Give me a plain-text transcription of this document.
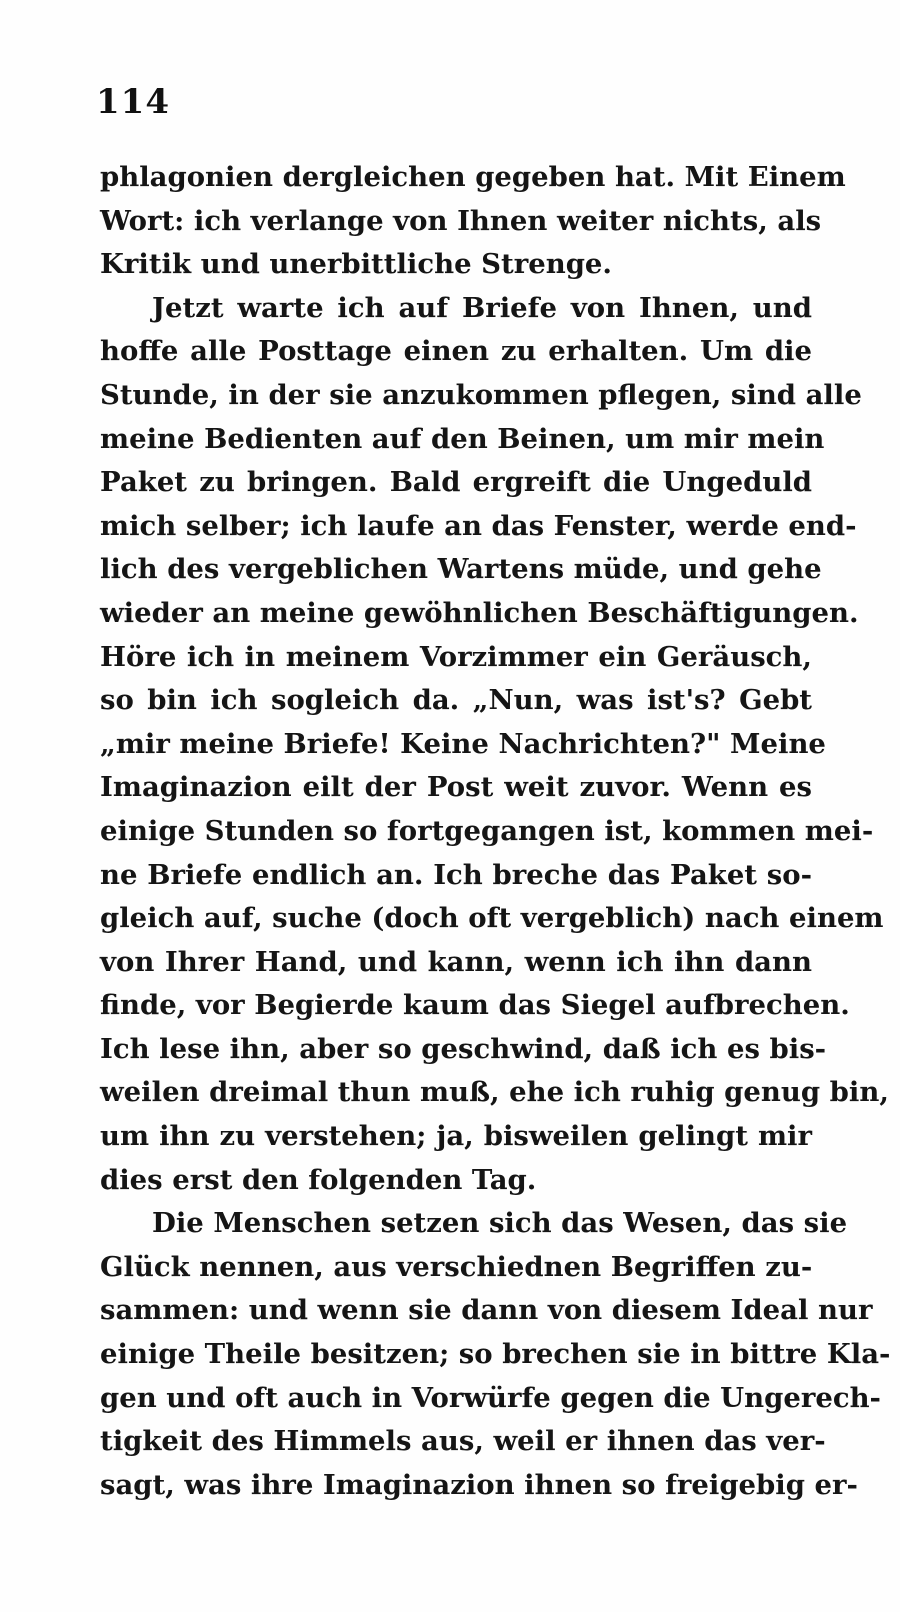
114
phlagonien dergleichen gegeben hat. Mit Einem
Wort: ich verlange von Ihnen weiter nichts, als
Kritik und unerbittliche Strenge.
Jetzt warte ich auf Briefe von Ihnen, und
hoffe alle Posttage einen zu erhalten. Um die
Stunde, in der sie anzukommen pflegen, sind alle
meine Bedienten auf den Beinen, um mir mein
Paket zu bringen. Bald ergreift die Ungeduld
mich selber; ich laufe an das Fenster, werde end-
lich des vergeblichen Wartens müde, und gehe
wieder an meine gewöhnlichen Beschäftigungen.
Höre ich in meinem Vorzimmer ein Geräusch,
so bin ich sogleich da. „Nun, was ist's? Gebt
„mir meine Briefe! Keine Nachrichten?" Meine
Imaginazion eilt der Post weit zuvor. Wenn es
einige Stunden so fortgegangen ist, kommen mei-
ne Briefe endlich an. Ich breche das Paket so-
gleich auf, suche (doch oft vergeblich) nach einem
von Ihrer Hand, und kann, wenn ich ihn dann
finde, vor Begierde kaum das Siegel aufbrechen.
Ich lese ihn, aber so geschwind, daß ich es bis-
weilen dreimal thun muß, ehe ich ruhig genug bin,
um ihn zu verstehen; ja, bisweilen gelingt mir
dies erst den folgenden Tag.
Die Menschen setzen sich das Wesen, das sie
Glück nennen, aus verschiednen Begriffen zu-
sammen: und wenn sie dann von diesem Ideal nur
einige Theile besitzen; so brechen sie in bittre Kla-
gen und oft auch in Vorwürfe gegen die Ungerech-
tigkeit des Himmels aus, weil er ihnen das ver-
sagt, was ihre Imaginazion ihnen so freigebig er-
